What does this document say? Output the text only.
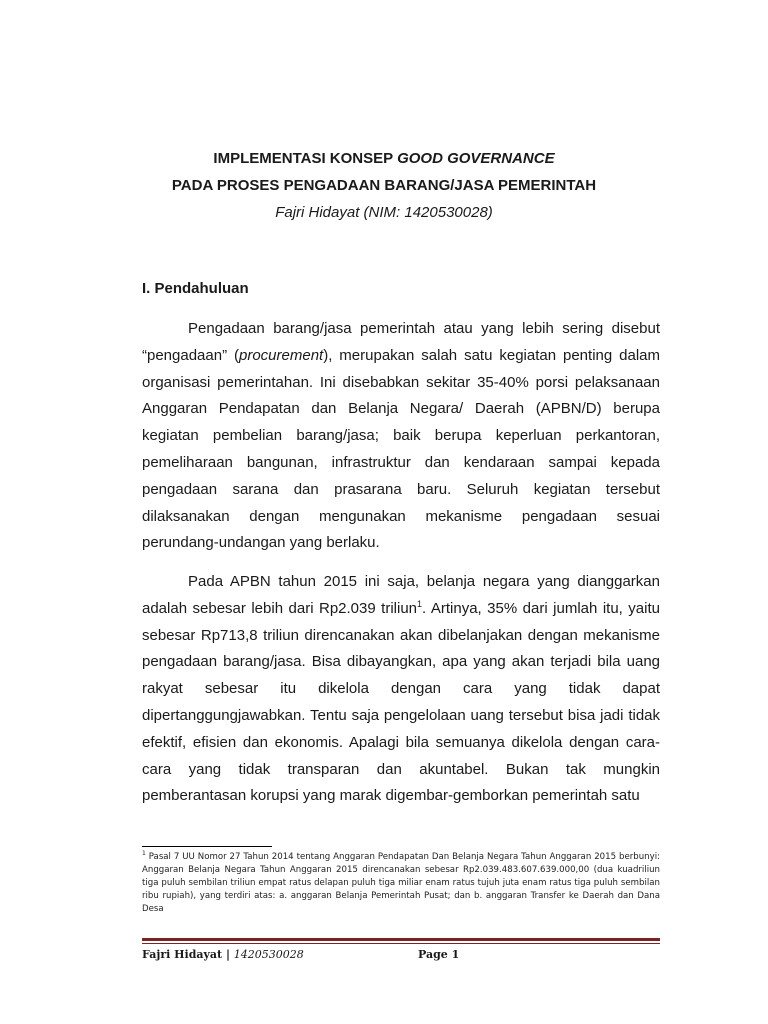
IMPLEMENTASI KONSEP GOOD GOVERNANCE
PADA PROSES PENGADAAN BARANG/JASA PEMERINTAH
Fajri Hidayat (NIM: 1420530028)
I. Pendahuluan

Pengadaan barang/jasa pemerintah atau yang lebih sering disebut “pengadaan” (procurement), merupakan salah satu kegiatan penting dalam organisasi pemerintahan. Ini disebabkan sekitar 35-40% porsi pelaksanaan Anggaran Pendapatan dan Belanja Negara/ Daerah (APBN/D) berupa kegiatan pembelian barang/jasa; baik berupa keperluan perkantoran, pemeliharaan bangunan, infrastruktur dan kendaraan sampai kepada pengadaan sarana dan prasarana baru. Seluruh kegiatan tersebut dilaksanakan dengan mengunakan mekanisme pengadaan sesuai perundang-undangan yang berlaku.

Pada APBN tahun 2015 ini saja, belanja negara yang dianggarkan adalah sebesar lebih dari Rp2.039 triliun$^1$. Artinya, 35% dari jumlah itu, yaitu sebesar Rp713,8 triliun direncanakan akan dibelanjakan dengan mekanisme pengadaan barang/jasa. Bisa dibayangkan, apa yang akan terjadi bila uang rakyat sebesar itu dikelola dengan cara yang tidak dapat dipertanggungjawabkan. Tentu saja pengelolaan uang tersebut bisa jadi tidak efektif, efisien dan ekonomis. Apalagi bila semuanya dikelola dengan cara-cara yang tidak transparan dan akuntabel. Bukan tak mungkin pemberantasan korupsi yang marak digembar-gemborkan pemerintah satu

$^1$ Pasal 7 UU Nomor 27 Tahun 2014 tentang Anggaran Pendapatan Dan Belanja Negara Tahun Anggaran 2015 berbunyi: Anggaran Belanja Negara Tahun Anggaran 2015 direncanakan sebesar Rp2.039.483.607.639.000,00 (dua kuadriliun tiga puluh sembilan triliun empat ratus delapan puluh tiga miliar enam ratus tujuh juta enam ratus tiga puluh sembilan ribu rupiah), yang terdiri atas: a. anggaran Belanja Pemerintah Pusat; dan b. anggaran Transfer ke Daerah dan Dana Desa
Fajri Hidayat | 1420530028	Page 1
